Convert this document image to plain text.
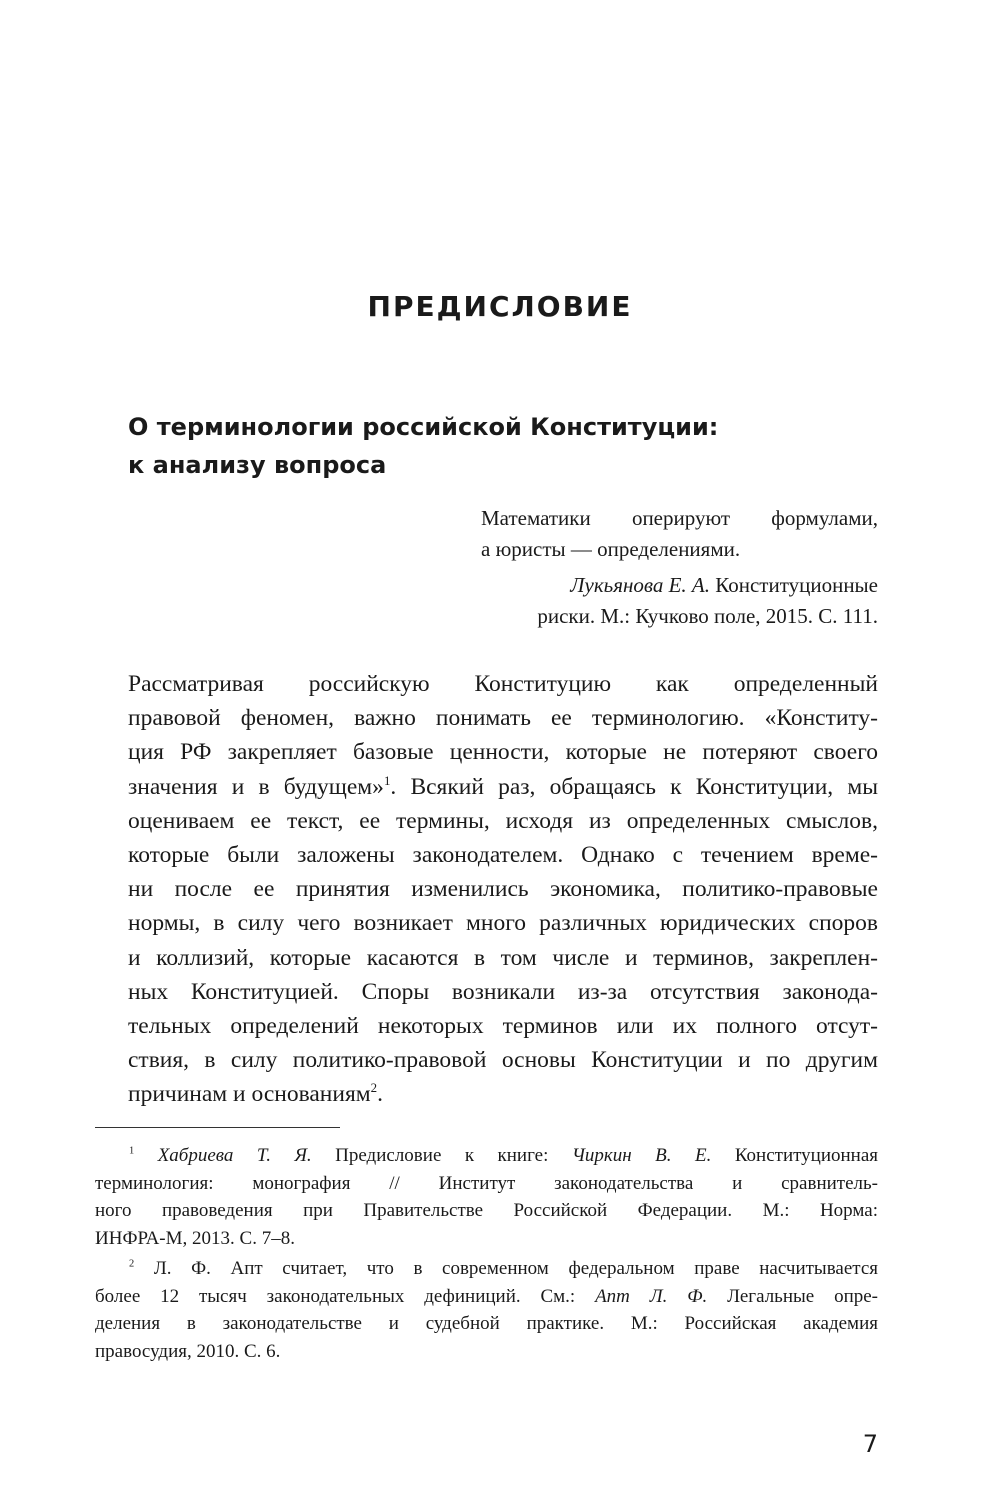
ПРЕДИСЛОВИЕ
О терминологии российской Конституции:
к анализу вопроса
Математики оперируют формулами,
а юристы — определениями.
Лукьянова Е. А. Конституционные
риски. М.: Кучково поле, 2015. С. 111.
Рассматривая российскую Конституцию как определенный
правовой феномен, важно понимать ее терминологию. «Конститу-
ция РФ закрепляет базовые ценности, которые не потеряют своего
значения и в будущем»$^1$. Всякий раз, обращаясь к Конституции, мы
оцениваем ее текст, ее термины, исходя из определенных смыслов,
которые были заложены законодателем. Однако с течением време-
ни после ее принятия изменились экономика, политико-правовые
нормы, в силу чего возникает много различных юридических споров
и коллизий, которые касаются в том числе и терминов, закреплен-
ных Конституцией. Споры возникали из-за отсутствия законода-
тельных определений некоторых терминов или их полного отсут-
ствия, в силу политико-правовой основы Конституции и по другим
причинам и основаниям$^2$.
$^1$ Хабриева Т. Я. Предисловие к книге: Чиркин В. Е. Конституционная
терминология: монография // Институт законодательства и сравнитель-
ного правоведения при Правительстве Российской Федерации. М.: Норма:
ИНФРА-М, 2013. С. 7–8.
$^2$ Л. Ф. Апт считает, что в современном федеральном праве насчитывается
более 12 тысяч законодательных дефиниций. См.: Апт Л. Ф. Легальные опре-
деления в законодательстве и судебной практике. М.: Российская академия
правосудия, 2010. С. 6.
7
